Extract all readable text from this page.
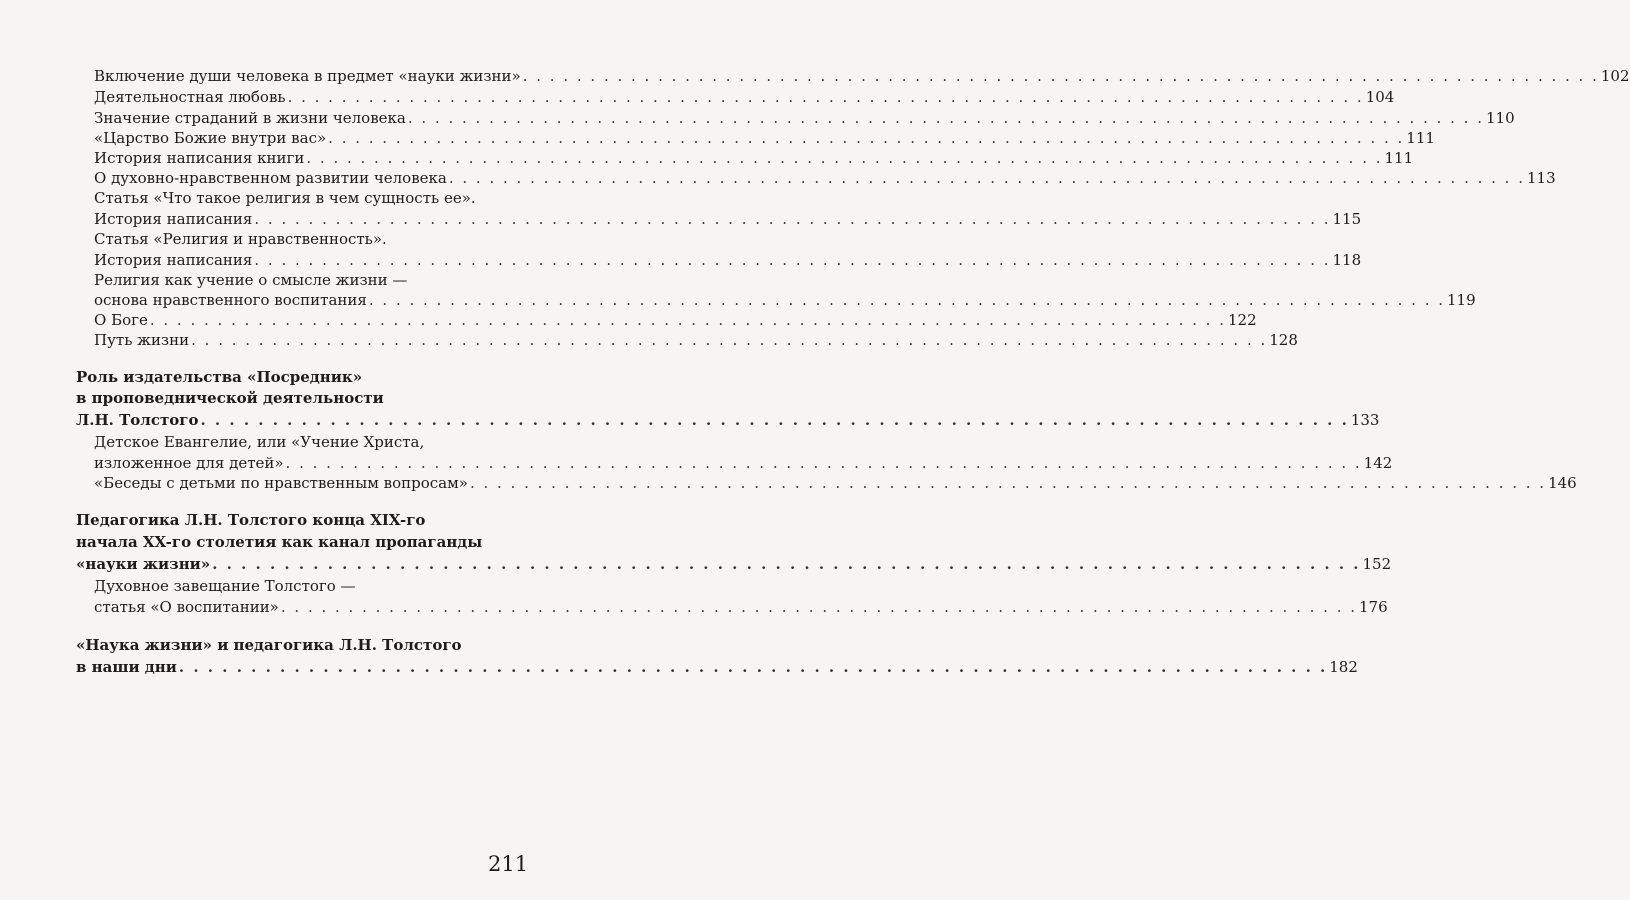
Включение души человека в предмет «науки жизни» . . .	102
Деятельностная любовь . . .	104
Значение страданий в жизни человека . . .	110
«Царство Божие внутри вас» . . .	111
История написания книги . . .	111
О духовно-нравственном развитии человека . . .	113
Статья «Что такое религия в чем сущность ее».
История написания . . .	115
Статья «Религия и нравственность».
История написания . . .	118
Религия как учение о смысле жизни —
основа нравственного воспитания . . .	119
О Боге . . .	122
Путь жизни . . .	128
Роль издательства «Посредник»
в проповеднической деятельности
Л.Н. Толстого . . .	133
Детское Евангелие, или «Учение Христа,
изложенное для детей» . . .	142
«Беседы с детьми по нравственным вопросам» . . .	146
Педагогика Л.Н. Толстого конца XIX-го
начала XX-го столетия как канал пропаганды
«науки жизни» . . .	152
Духовное завещание Толстого —
статья «О воспитании» . . .	176
«Наука жизни» и педагогика Л.Н. Толстого
в наши дни . . .	182
211
